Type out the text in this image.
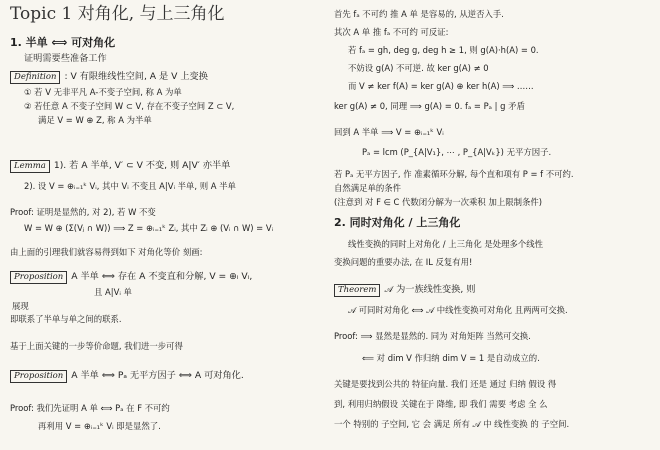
Topic 1 对角化, 与上三角化
1. 半单 ⟺ 可对角化
证明需要些准备工作
Definition : V 有限维线性空间, A 是 V 上变换
① 若 V 无非平凡 A-不变子空间, 称 A 为单
② 若任意 A 不变子空间 W ⊂ V, 存在不变子空间 Z ⊂ V,
满足 V = W ⊕ Z, 称 A 为半单
Lemma 1). 若 A 半单, V′ ⊂ V 不变, 则 A|V′ 亦半单
2). 设 V = ⊕ᵢ₌₁ᵏ Vᵢ, 其中 Vᵢ 不变且 A|Vᵢ 半单, 则 A 半单
Proof: 证明是显然的, 对 2), 若 W 不变
W = W ⊕ (Σ(Vⱼ ∩ W)) ⟹ Z = ⊕ᵢ₌₁ᵏ Zᵢ, 其中 Zᵢ ⊕ (Vᵢ ∩ W) = Vᵢ
由上面的引理我们就容易得到如下 对角化等价 刻画:
Proposition A 半单 ⟺ 存在 A 不变直和分解, V = ⊕ᵢ Vᵢ,
且 A|Vᵢ 单
展现
即联系了半单与单之间的联系.
基于上面关键的一步等价命题, 我们进一步可得
Proposition A 半单 ⟺ Pₐ 无平方因子 ⟺ A 可对角化.
Proof: 我们先证明 A 单 ⟺ Pₐ 在 F 不可约
再利用 V = ⊕ᵢ₌₁ᵏ Vᵢ 即是显然了.
首先 fₐ 不可约 推 A 单 是容易的, 从逆否入手.
其次 A 单 推 fₐ 不可约 可反证:
若 fₐ = gh, deg g, deg h ≥ 1, 则 g(A)·h(A) = 0.
不妨设 g(A) 不可逆. 故 ker g(A) ≠ 0
而 V ≠ ker f(A) = ker g(A) ⊕ ker h(A) ⟹ ……
ker g(A) ≠ 0, 同理 ⟹ g(A) = 0. fₐ = Pₐ | g 矛盾
回到 A 半单 ⟹ V = ⊕ᵢ₌₁ᵏ Vᵢ
Pₐ = lcm (P_{A|V₁}, ⋯ , P_{A|Vₖ}) 无平方因子.
若 Pₐ 无平方因子, 作 准素循环分解, 每个直和项有 P = f 不可约.
自然满足单的条件
(注意到 对 F ∈ C 代数闭分解为一次乘积 加上限制条件)
2. 同时对角化 / 上三角化
线性变换的同时上对角化 / 上三角化 是处理多个线性
变换问题的重要办法, 在 IL 反复有用!
Theorem 𝒜 为一族线性变换, 则
𝒜 可同时对角化 ⟺ 𝒜 中线性变换可对角化 且两两可交换.
Proof: ⟹ 显然是显然的. 同为 对角矩阵 当然可交换.
⟸ 对 dim V 作归纳 dim V = 1 是自动成立的.
关键是要找到公共的 特征向量. 我们 还是 通过 归纳 假设 得
到, 利用归纳假设 关键在于 降维, 即 我们 需要 考虑 全 么
一个 特别的 子空间, 它 会 满足 所有 𝒜 中 线性变换 的 子空间.
